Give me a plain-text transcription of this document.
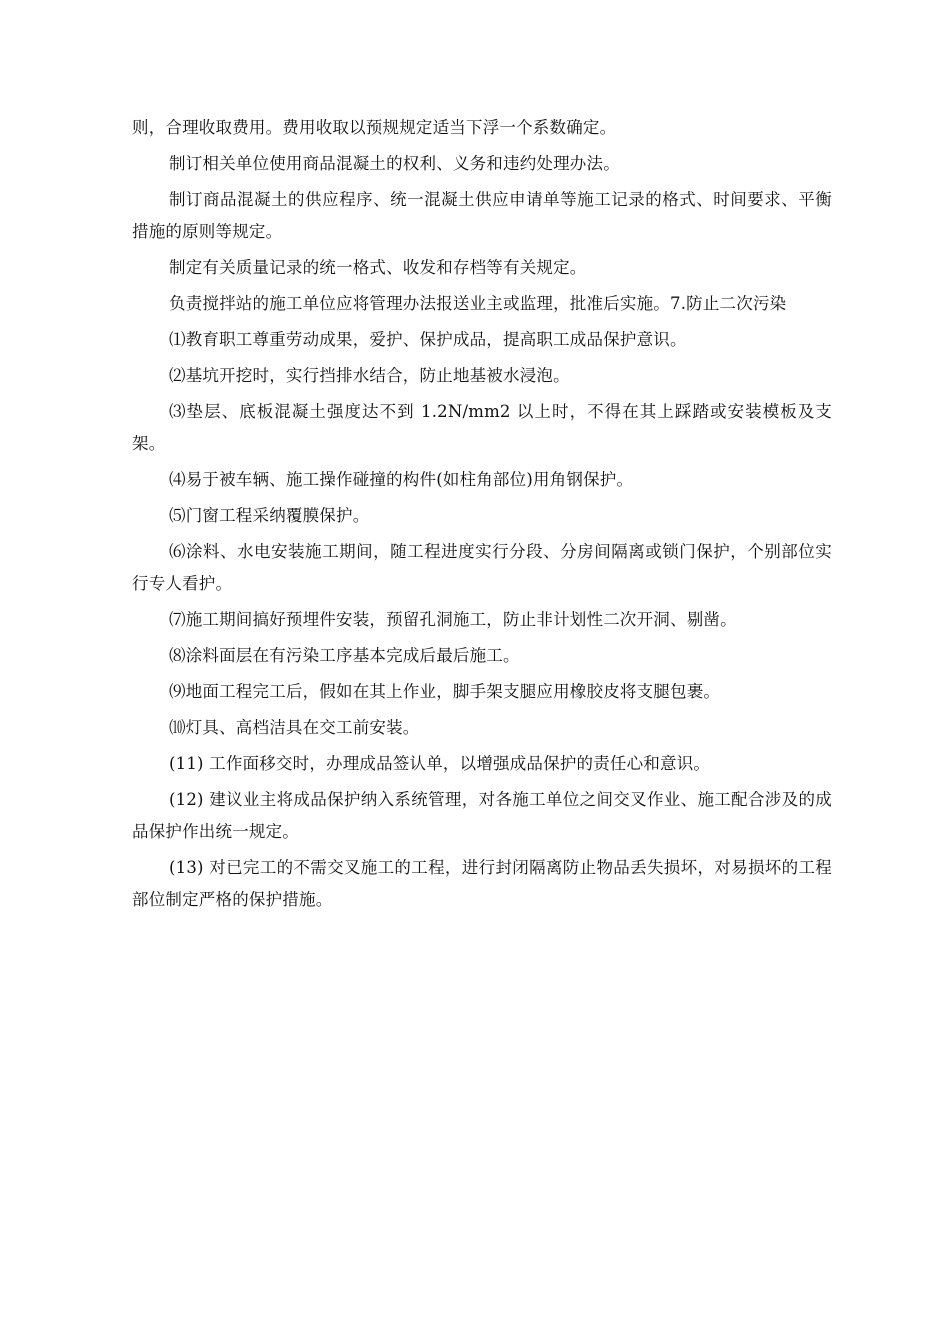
则，合理收取费用。费用收取以预规规定适当下浮一个系数确定。

制订相关单位使用商品混凝土的权利、义务和违约处理办法。

制订商品混凝土的供应程序、统一混凝土供应申请单等施工记录的格式、时间要求、平衡措施的原则等规定。

制定有关质量记录的统一格式、收发和存档等有关规定。

负责搅拌站的施工单位应将管理办法报送业主或监理，批准后实施。7.防止二次污染

⑴教育职工尊重劳动成果，爱护、保护成品，提高职工成品保护意识。

⑵基坑开挖时，实行挡排水结合，防止地基被水浸泡。

⑶垫层、底板混凝土强度达不到 1.2N/mm2 以上时，不得在其上踩踏或安装模板及支架。

⑷易于被车辆、施工操作碰撞的构件(如柱角部位)用角钢保护。

⑸门窗工程采纳覆膜保护。

⑹涂料、水电安装施工期间，随工程进度实行分段、分房间隔离或锁门保护，个别部位实行专人看护。

⑺施工期间搞好预埋件安装，预留孔洞施工，防止非计划性二次开洞、剔凿。

⑻涂料面层在有污染工序基本完成后最后施工。

⑼地面工程完工后，假如在其上作业，脚手架支腿应用橡胶皮将支腿包裹。

⑽灯具、高档洁具在交工前安装。

(11) 工作面移交时，办理成品签认单，以增强成品保护的责任心和意识。

(12) 建议业主将成品保护纳入系统管理，对各施工单位之间交叉作业、施工配合涉及的成品保护作出统一规定。

(13) 对已完工的不需交叉施工的工程，进行封闭隔离防止物品丢失损坏，对易损坏的工程部位制定严格的保护措施。
